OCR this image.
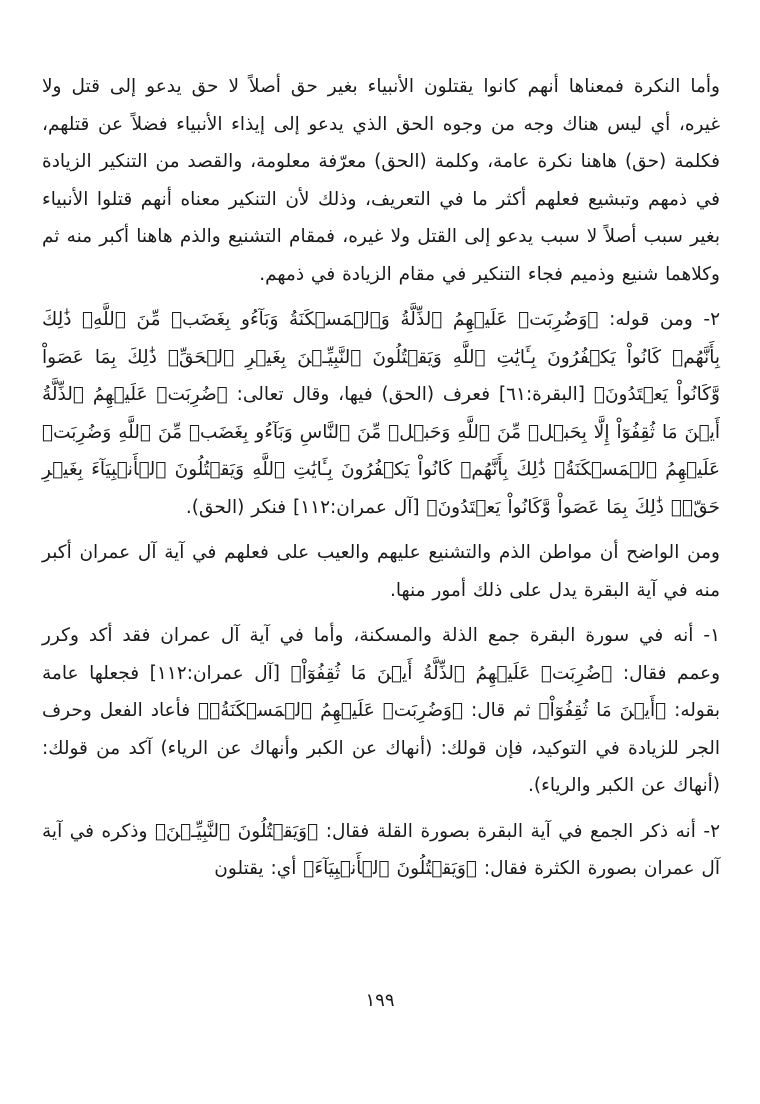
وأما النكرة فمعناها أنهم كانوا يقتلون الأنبياء بغير حق أصلاً لا حق يدعو إلى قتل ولا غيره، أي ليس هناك وجه من وجوه الحق الذي يدعو إلى إيذاء الأنبياء فضلاً عن قتلهم، فكلمة (حق) هاهنا نكرة عامة، وكلمة (الحق) معرّفة معلومة، والقصد من التنكير الزيادة في ذمهم وتبشيع فعلهم أكثر ما في التعريف، وذلك لأن التنكير معناه أنهم قتلوا الأنبياء بغير سبب أصلاً لا سبب يدعو إلى القتل ولا غيره، فمقام التشنيع والذم هاهنا أكبر منه ثم وكلاهما شنيع وذميم فجاء التنكير في مقام الزيادة في ذمهم.

٢- ومن قوله: ﴿وَضُرِبَتۡ عَلَيۡهِمُ ٱلذِّلَّةُ وَٱلۡمَسۡكَنَةُ وَبَآءُو بِغَضَبٖ مِّنَ ٱللَّهِۗ ذَٰلِكَ بِأَنَّهُمۡ كَانُواْ يَكۡفُرُونَ بِـَٔايَٰتِ ٱللَّهِ وَيَقۡتُلُونَ ٱلنَّبِيِّـۧنَ بِغَيۡرِ ٱلۡحَقِّۗ ذَٰلِكَ بِمَا عَصَواْ وَّكَانُواْ يَعۡتَدُونَ﴾ [البقرة:٦١] فعرف (الحق) فيها، وقال تعالى: ﴿ضُرِبَتۡ عَلَيۡهِمُ ٱلذِّلَّةُ أَيۡنَ مَا ثُقِفُوٓاْ إِلَّا بِحَبۡلٖ مِّنَ ٱللَّهِ وَحَبۡلٖ مِّنَ ٱلنَّاسِ وَبَآءُو بِغَضَبٖ مِّنَ ٱللَّهِ وَضُرِبَتۡ عَلَيۡهِمُ ٱلۡمَسۡكَنَةُۚ ذَٰلِكَ بِأَنَّهُمۡ كَانُواْ يَكۡفُرُونَ بِـَٔايَٰتِ ٱللَّهِ وَيَقۡتُلُونَ ٱلۡأَنۢبِيَآءَ بِغَيۡرِ حَقّٖۚ ذَٰلِكَ بِمَا عَصَواْ وَّكَانُواْ يَعۡتَدُونَ﴾ [آل عمران:١١٢] فنكر (الحق).

ومن الواضح أن مواطن الذم والتشنيع عليهم والعيب على فعلهم في آية آل عمران أكبر منه في آية البقرة يدل على ذلك أمور منها.

١- أنه في سورة البقرة جمع الذلة والمسكنة، وأما في آية آل عمران فقد أكد وكرر وعمم فقال: ﴿ضُرِبَتۡ عَلَيۡهِمُ ٱلذِّلَّةُ أَيۡنَ مَا ثُقِفُوٓاْ﴾ [آل عمران:١١٢] فجعلها عامة بقوله: ﴿أَيۡنَ مَا ثُقِفُوٓاْ﴾ ثم قال: ﴿وَضُرِبَتۡ عَلَيۡهِمُ ٱلۡمَسۡكَنَةُۚ﴾ فأعاد الفعل وحرف الجر للزيادة في التوكيد، فإن قولك: (أنهاك عن الكبر وأنهاك عن الرياء) آكد من قولك: (أنهاك عن الكبر والرياء).

٢- أنه ذكر الجمع في آية البقرة بصورة القلة فقال: ﴿وَيَقۡتُلُونَ ٱلنَّبِيِّـۧنَ﴾ وذكره في آية آل عمران بصورة الكثرة فقال: ﴿وَيَقۡتُلُونَ ٱلۡأَنۢبِيَآءَ﴾ أي: يقتلون

١٩٩
